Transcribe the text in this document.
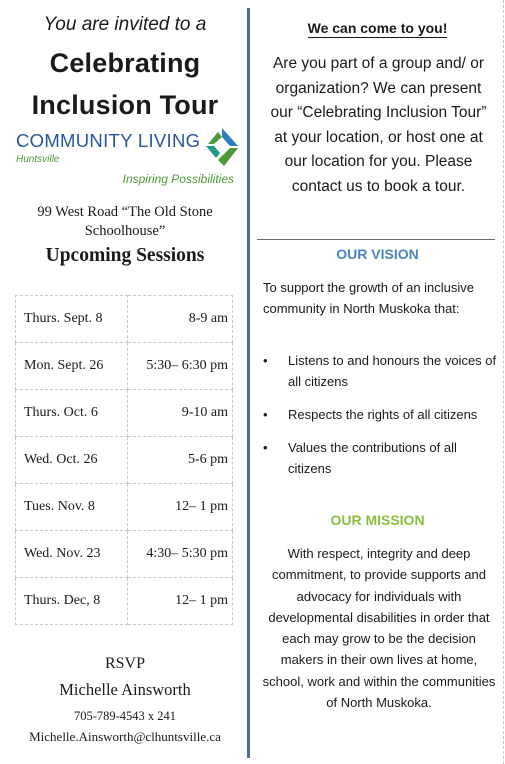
You are invited to a
Celebrating
Inclusion Tour
COMMUNITY LIVING
Huntsville
Inspiring Possibilities
99 West Road “The Old Stone
Schoolhouse”
Upcoming Sessions
Thurs. Sept. 8	8-9 am
Mon. Sept. 26	5:30– 6:30 pm
Thurs. Oct. 6	9-10 am
Wed. Oct. 26	5-6 pm
Tues. Nov. 8	12– 1 pm
Wed. Nov. 23	4:30– 5:30 pm
Thurs. Dec, 8	12– 1 pm
RSVP
Michelle Ainsworth
705-789-4543 x 241
Michelle.Ainsworth@clhuntsville.ca
We can come to you!
Are you part of a group and/ or organization? We can present our “Celebrating Inclusion Tour” at your location, or host one at our location for you. Please contact us to book a tour.
OUR VISION
To support the growth of an inclusive community in North Muskoka that:
• Listens to and honours the voices of all citizens
• Respects the rights of all citizens
• Values the contributions of all citizens
OUR MISSION
With respect, integrity and deep commitment, to provide supports and advocacy for individuals with developmental disabilities in order that each may grow to be the decision makers in their own lives at home, school, work and within the communities of North Muskoka.
